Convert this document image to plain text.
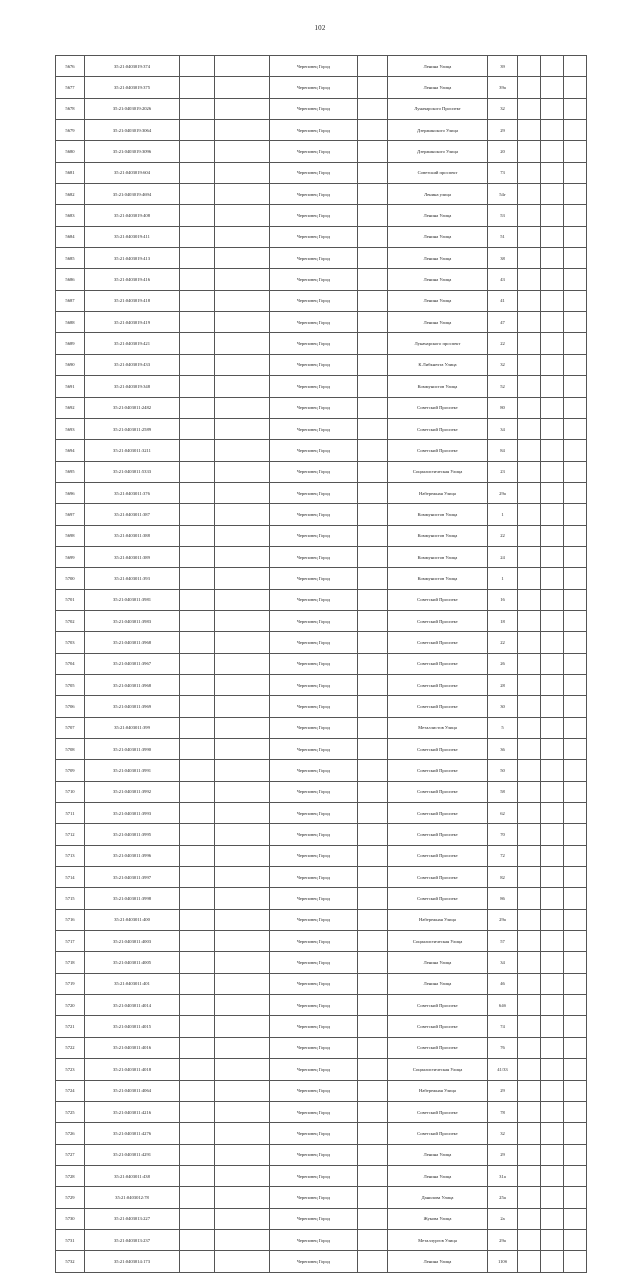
102
5676	35:21:0403019:374			Череповец Город		Ленина Улица	39			
5677	35:21:0403019:375			Череповец Город		Ленина Улица	39а			
5678	35:21:0403019:2026			Череповец Город		Луначарского Проспект	32			
5679	35:21:0403019:3064			Череповец Город		Дзержинского Улица	29			
5680	35:21:0403019:3096			Череповец Город		Дзержинского Улица	20			
5681	35:21:0403019:604			Череповец Город		Советский проспект	73			
5682	35:21:0403019:4694			Череповец Город		Ленина улица	54г			
5683	35:21:0403019:408			Череповец Город		Ленина Улица	53			
5684	35:21:0403019:411			Череповец Город		Ленина Улица	51			
5685	35:21:0403019:413			Череповец Город		Ленина Улица	38			
5686	35:21:0403019:416			Череповец Город		Ленина Улица	43			
5687	35:21:0403019:418			Череповец Город		Ленина Улица	41			
5688	35:21:0403019:419			Череповец Город		Ленина Улица	47			
5689	35:21:0403019:421			Череповец Город		Луначарского проспект	22			
5690	35:21:0403019:433			Череповец Город		К.Либкнехта Улица	32			
5691	35:21:0403019:348			Череповец Город		Коммунистов Улица	52			
5692	35:21:0403011:2482			Череповец Город		Советский Проспект	80			
5693	35:21:0403011:2589			Череповец Город		Советский Проспект	34			
5694	35:21:0403011:3211			Череповец Город		Советский Проспект	84			
5695	35:21:0403011:5333			Череповец Город		Социалистическая Улица	23			
5696	35:21:0403011:376			Череповец Город		Набережная Улица	29а			
5697	35:21:0403011:387			Череповец Город		Коммунистов Улица	1			
5698	35:21:0403011:388			Череповец Город		Коммунистов Улица	22			
5699	35:21:0403011:389			Череповец Город		Коммунистов Улица	24			
5700	35:21:0403011:393			Череповец Город		Коммунистов Улица	1			
5701	35:21:0403011:3981			Череповец Город		Советский Проспект	16			
5702	35:21:0403011:3983			Череповец Город		Советский Проспект	18			
5703	35:21:0403011:3968			Череповец Город		Советский Проспект	22			
5704	35:21:0403011:3967			Череповец Город		Советский Проспект	26			
5705	35:21:0403011:3968			Череповец Город		Советский Проспект	28			
5706	35:21:0403011:3969			Череповец Город		Советский Проспект	30			
5707	35:21:0403011:399			Череповец Город		Металлистов Улица	5			
5708	35:21:0403011:3990			Череповец Город		Советский Проспект	36			
5709	35:21:0403011:3991			Череповец Город		Советский Проспект	50			
5710	35:21:0403011:3992			Череповец Город		Советский Проспект	58			
5711	35:21:0403011:3993			Череповец Город		Советский Проспект	62			
5712	35:21:0403011:3995			Череповец Город		Советский Проспект	70			
5713	35:21:0403011:3996			Череповец Город		Советский Проспект	72			
5714	35:21:0403011:3997			Череповец Город		Советский Проспект	82			
5715	35:21:0403011:3998			Череповец Город		Советский Проспект	86			
5716	35:21:0403011:400			Череповец Город		Набережная Улица	29а			
5717	35:21:0403011:4003			Череповец Город		Социалистическая Улица	57			
5718	35:21:0403011:4005			Череповец Город		Ленина Улица	34			
5719	35:21:0403011:401			Череповец Город		Ленина Улица	46			
5720	35:21:0403011:4014			Череповец Город		Советский Проспект	64б			
5721	35:21:0403011:4015			Череповец Город		Советский Проспект	74			
5722	35:21:0403011:4016			Череповец Город		Советский Проспект	76			
5723	35:21:0403011:4018			Череповец Город		Социалистическая Улица	41/33			
5724	35:21:0403011:4064			Череповец Город		Набережная Улица	29			
5725	35:21:0403011:4216			Череповец Город		Советский Проспект	78			
5726	35:21:0403011:4276			Череповец Город		Советский Проспект	32			
5727	35:21:0403011:4291			Череповец Город		Ленина Улица	29			
5728	35:21:0403011:438			Череповец Город		Ленина Улица	31а			
5729	35:21:0403012:78			Череповец Город		Данилова Улица	25а			
5730	35:21:0403013:227			Череповец Город		Жукова Улица	2а			
5731	35:21:0403013:237			Череповец Город		Металлургов Улица	29а			
5732	35:21:0403014:173			Череповец Город		Ленина Улица	110б			
